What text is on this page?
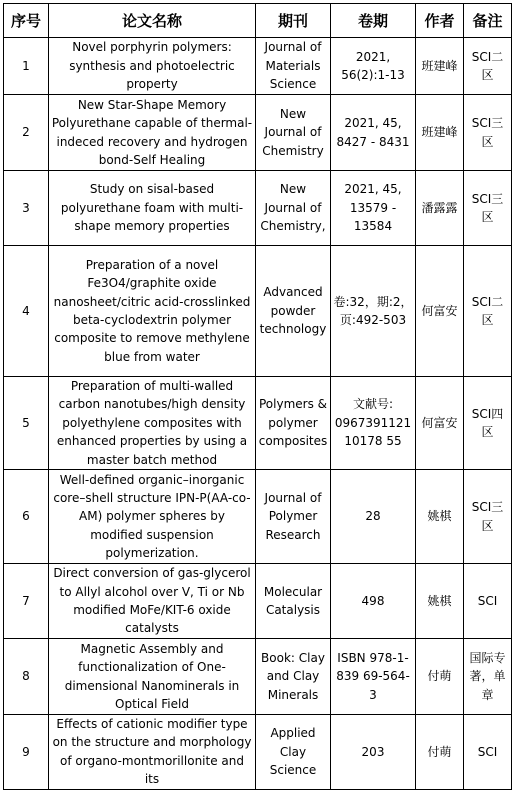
序号	论文名称	期刊	卷期	作者	备注
1	Novel porphyrin polymers: synthesis and photoelectric property	Journal of Materials Science	2021, 56(2):1-13	班建峰	SCI二区
2	New Star-Shape Memory Polyurethane capable of thermal-indeced recovery and hydrogen bond-Self Healing	New Journal of Chemistry	2021, 45, 8427 - 8431	班建峰	SCI三区
3	Study on sisal-based polyurethane foam with multi-shape memory properties	New Journal of Chemistry,	2021, 45, 13579 - 13584	潘露露	SCI三区
4	Preparation of a novel Fe3O4/graphite oxide nanosheet/citric acid-crosslinked beta-cyclodextrin polymer composite to remove methylene blue from water	Advanced powder technology	卷:32，期:2，页:492-503	何富安	SCI二区
5	Preparation of multi-walled carbon nanotubes/high density polyethylene composites with enhanced properties by using a master batch method	Polymers & polymer composites	文献号: 096739112110178 55	何富安	SCI四区
6	Well-defined organic–inorganic core–shell structure IPN-P(AA-co-AM) polymer spheres by modified suspension polymerization.	Journal of Polymer Research	28	姚棋	SCI三区
7	Direct conversion of gas-glycerol to Allyl alcohol over V, Ti or Nb modified MoFe/KIT-6 oxide catalysts	Molecular Catalysis	498	姚棋	SCI
8	Magnetic Assembly and functionalization of One-dimensional Nanominerals in Optical Field	Book: Clay and Clay Minerals	ISBN 978-1-839 69-564-3	付萌	国际专著，单章
9	Effects of cationic modifier type on the structure and morphology of organo-montmorillonite and its	Applied Clay Science	203	付萌	SCI
